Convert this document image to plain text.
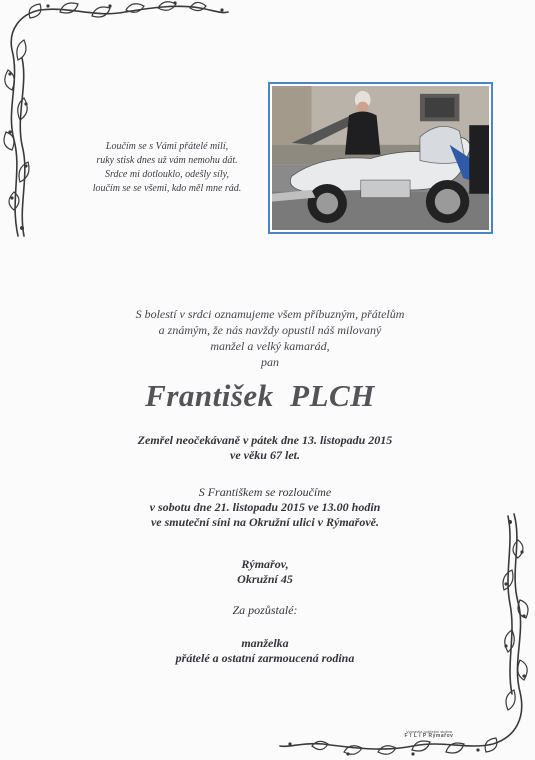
Loučím se s Vámi přátelé milí,
ruky stisk dnes už vám nemohu dát.
Srdce mi dotlouklo, odešly síly,
loučím se se všemi, kdo měl mne rád.
S bolestí v srdci oznamujeme všem příbuzným, přátelům
a známým, že nás navždy opustil náš milovaný
manžel a velký kamarád,
pan
František  PLCH
Zemřel neočekávaně v pátek dne 13. listopadu 2015
ve věku 67 let.
S Františkem se rozloučíme
v sobotu dne 21. listopadu 2015 ve 13.00 hodin
ve smuteční síni na Okružní ulici v Rýmařově.
Rýmařov,
Okružní 45
Za pozůstalé:
manželka
přátelé a ostatní zarmoucená rodina
Vypravila pohřební služba
F I L I P Rýmařov
